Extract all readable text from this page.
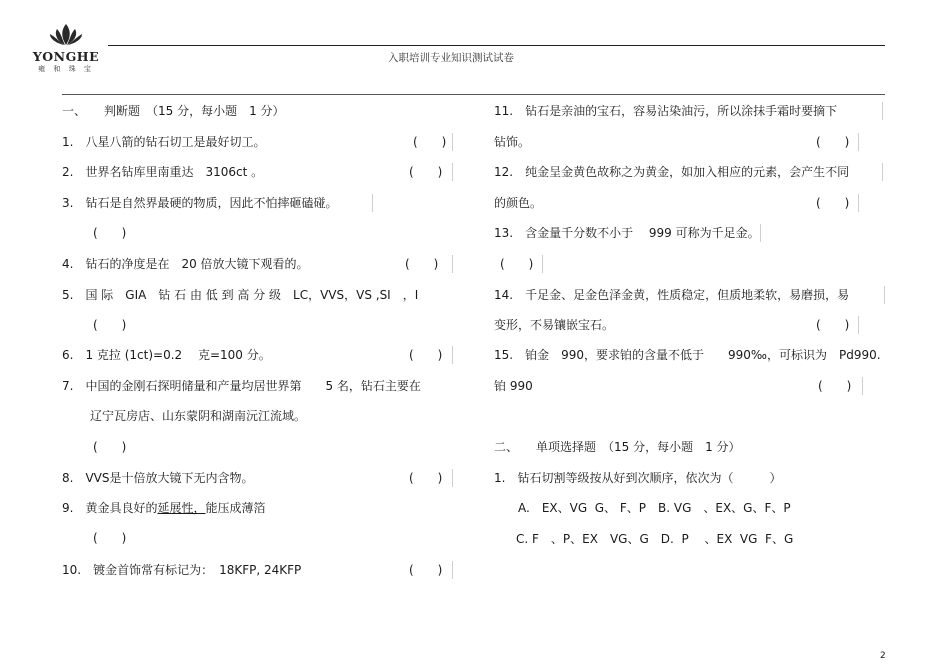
YONGHE
雍 和 珠 宝
入职培训专业知识测试试卷
一、　　判断题　（15 分，每小题　1 分）
1.　八星八箭的钻石切工是最好切工。	(　　)
2.　世界名钻库里南重达　3106ct 。	(　　)
3.　钻石是自然界最硬的物质，因此不怕摔砸磕碰。
(　　)
4.　钻石的净度是在　20 倍放大镜下观看的。	(　　)
5.　国 际　GIA　钻 石 由 低 到 高 分 级　LC，VVS，VS ,SI　，I
(　　)
6.　1 克拉 (1ct)=0.2　 克=100 分。	(　　)
7.　中国的金刚石探明储量和产量均居世界第　　5 名，钻石主要在
辽宁瓦房店、山东蒙阴和湖南沅江流域。
(　　)
8.　VVS是十倍放大镜下无内含物。	(　　)
9.　黄金具良好的延展性，能压成薄箔
(　　)
10.　镀金首饰常有标记为：　18KFP, 24KFP	(　　)
11.　钻石是亲油的宝石，容易沾染油污，所以涂抹手霜时要摘下
钻饰。	(　　)
12.　纯金呈金黄色故称之为黄金，如加入相应的元素，会产生不同
的颜色。	(　　)
13.　含金量千分数不小于　 999 可称为千足金。
(　　)
14.　千足金、足金色泽金黄，性质稳定，但质地柔软，易磨损，易
变形，不易镶嵌宝石。	(　　)
15.　铂金　990，要求铂的含量不低于　　990‰，可标识为　Pd990.
铂 990	(　　)
二、　　单项选择题　（15 分，每小题　1 分）
1.　钻石切割等级按从好到次顺序，依次为（　　　）
A.　EX、VG  G、 F、P　B. VG　、EX、G、F、P
C. F　、P、EX　VG、G　D.  P　 、EX  VG  F、G
2
